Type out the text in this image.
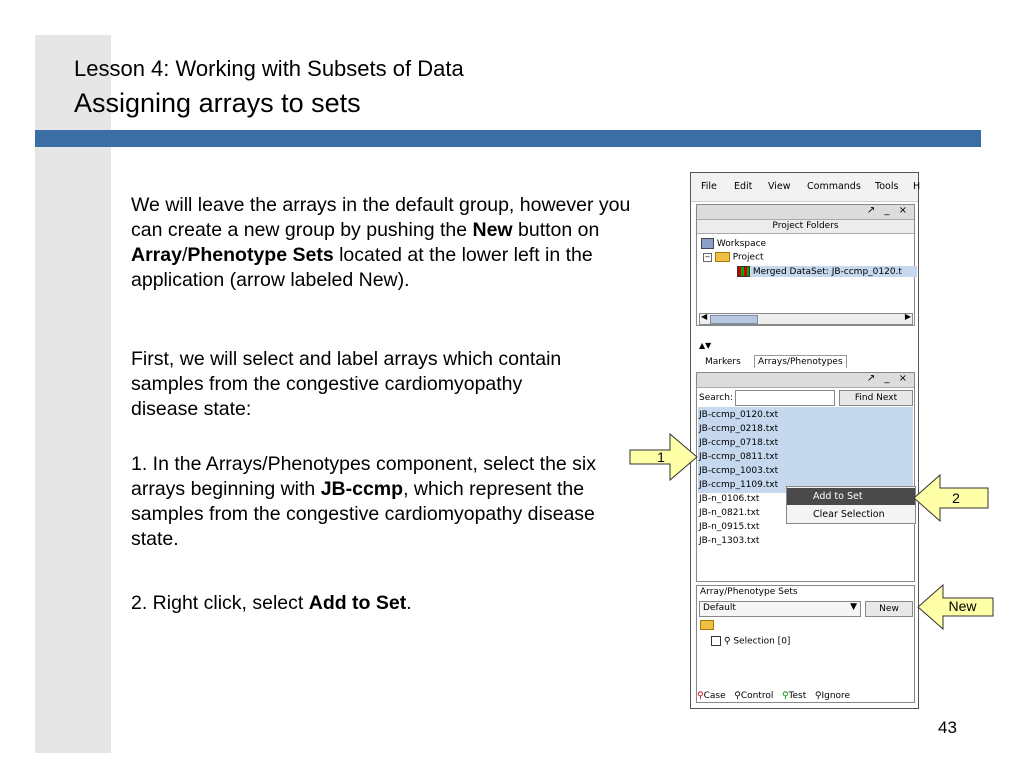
Lesson 4: Working with Subsets of Data
Assigning arrays to sets
We will leave the arrays in the default group, however you can create a new group by pushing the New button on Array/Phenotype Sets located at the lower left in the application (arrow labeled New).
First, we will select and label arrays which contain samples from the congestive cardiomyopathy disease state:
1. In the Arrays/Phenotypes component, select the six arrays beginning with JB-ccmp, which represent the samples from the congestive cardiomyopathy disease state.
2. Right click, select Add to Set.
File Edit View Commands Tools H
↗ _ ×
Project Folders
Workspace
− Project
Merged DataSet: JB-ccmp_0120.t
◀	▶
▲▼
Markers	Arrays/Phenotypes
↗ _ ×
Search:	Find Next
JB-ccmp_0120.txt
JB-ccmp_0218.txt
JB-ccmp_0718.txt
JB-ccmp_0811.txt
JB-ccmp_1003.txt
JB-ccmp_1109.txt
JB-n_0106.txt
JB-n_0821.txt
JB-n_0915.txt
JB-n_1303.txt
Array/Phenotype Sets
Default	▼	New
⚲ Selection [0]
⚲Case ⚲Control ⚲Test ⚲Ignore
Add to Set
Clear Selection
1
2
New
43
